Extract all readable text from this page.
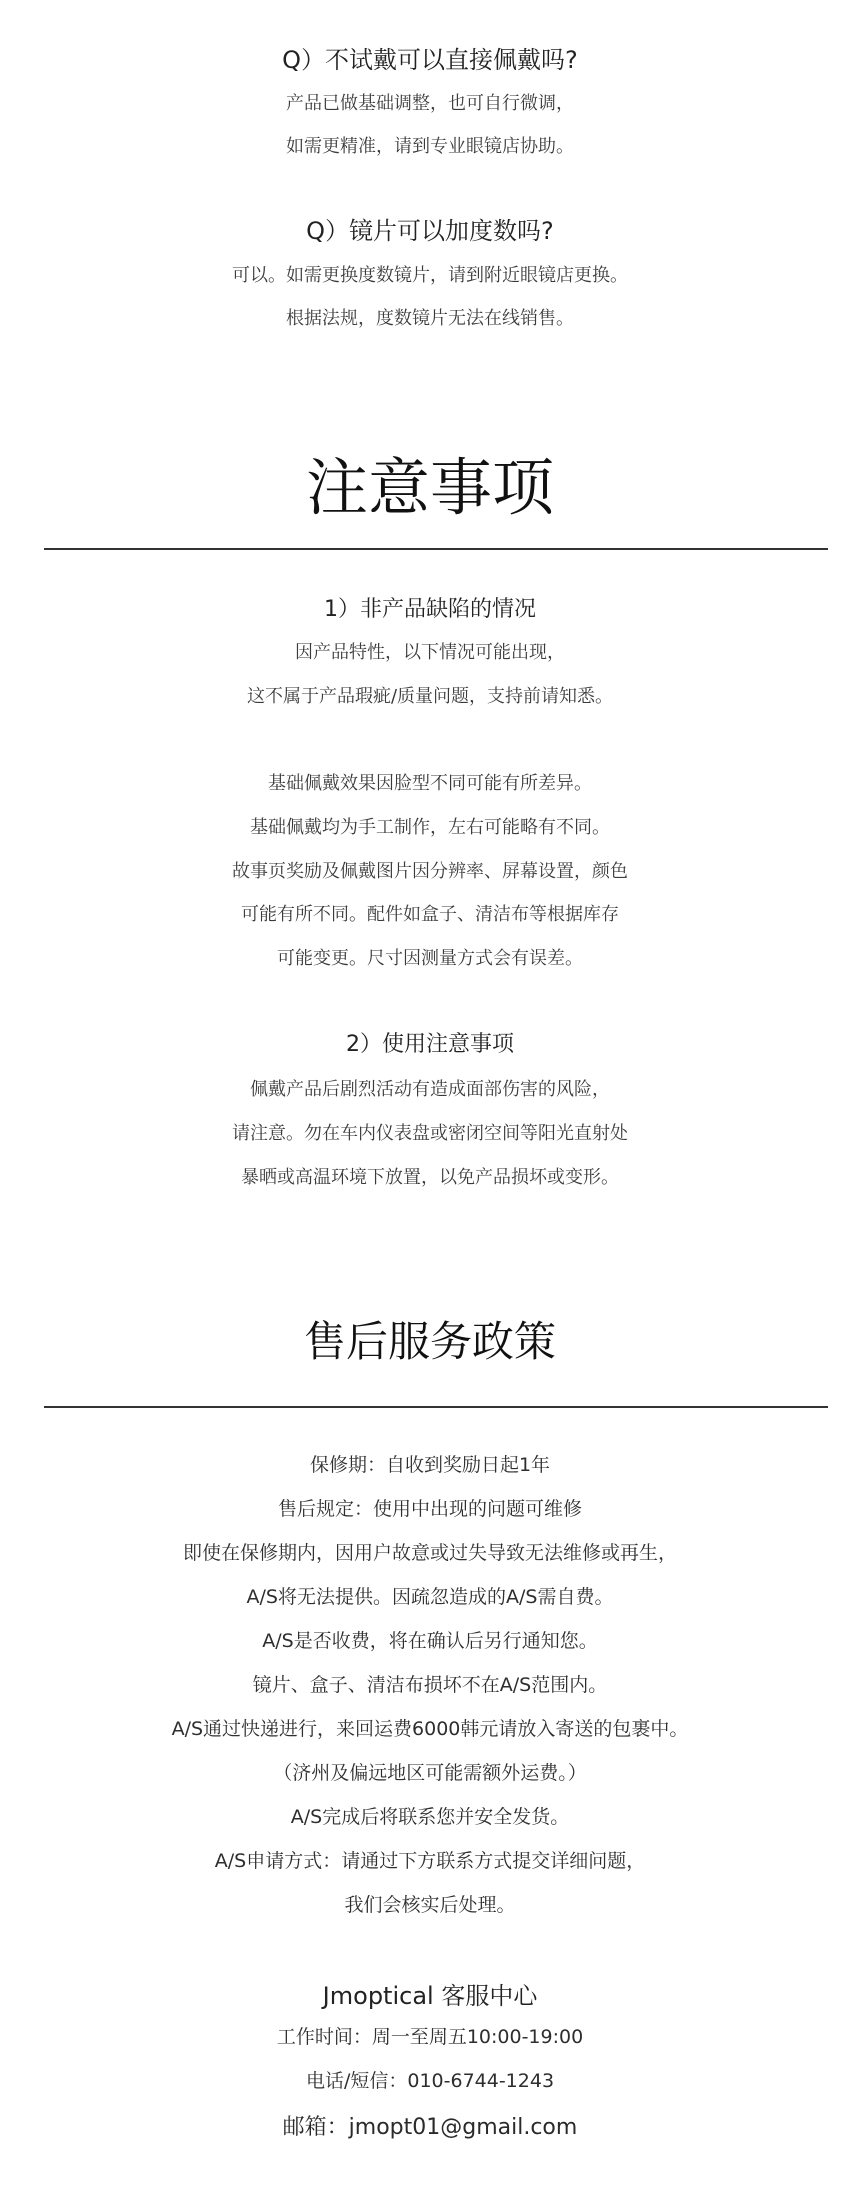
Q）不试戴可以直接佩戴吗?
产品已做基础调整，也可自行微调，
如需更精准，请到专业眼镜店协助。
Q）镜片可以加度数吗?
可以。如需更换度数镜片，请到附近眼镜店更换。
根据法规，度数镜片无法在线销售。
注意事项
1）非产品缺陷的情况
因产品特性，以下情况可能出现，
这不属于产品瑕疵/质量问题，支持前请知悉。
基础佩戴效果因脸型不同可能有所差异。
基础佩戴均为手工制作，左右可能略有不同。
故事页奖励及佩戴图片因分辨率、屏幕设置，颜色
可能有所不同。配件如盒子、清洁布等根据库存
可能变更。尺寸因测量方式会有误差。
2）使用注意事项
佩戴产品后剧烈活动有造成面部伤害的风险，
请注意。勿在车内仪表盘或密闭空间等阳光直射处
暴晒或高温环境下放置，以免产品损坏或变形。
售后服务政策
保修期：自收到奖励日起1年
售后规定：使用中出现的问题可维修
即使在保修期内，因用户故意或过失导致无法维修或再生，
A/S将无法提供。因疏忽造成的A/S需自费。
A/S是否收费，将在确认后另行通知您。
镜片、盒子、清洁布损坏不在A/S范围内。
A/S通过快递进行，来回运费6000韩元请放入寄送的包裹中。
（济州及偏远地区可能需额外运费。）
A/S完成后将联系您并安全发货。
A/S申请方式：请通过下方联系方式提交详细问题，
我们会核实后处理。
Jmoptical 客服中心
工作时间：周一至周五10:00-19:00
电话/短信：010-6744-1243
邮箱：jmopt01@gmail.com
